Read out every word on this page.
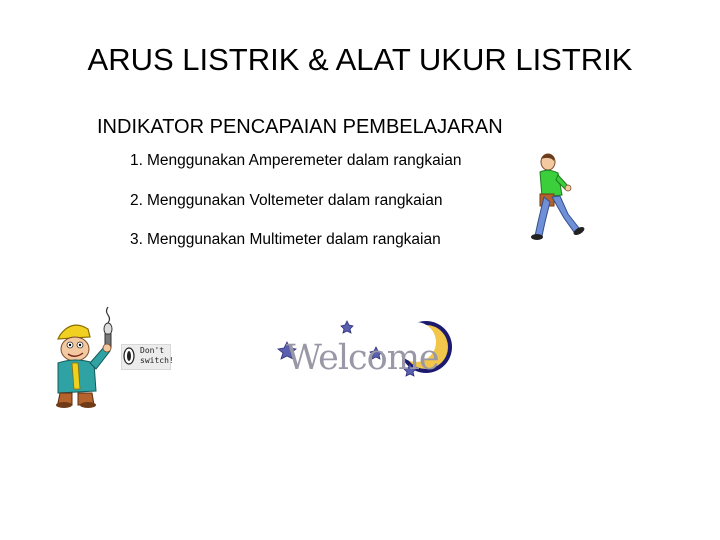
ARUS LISTRIK & ALAT UKUR LISTRIK
INDIKATOR PENCAPAIAN PEMBELAJARAN
1. Menggunakan Amperemeter dalam rangkaian
2. Menggunakan Voltemeter dalam rangkaian
3. Menggunakan Multimeter dalam rangkaian
Don't
switch!	Welcome
